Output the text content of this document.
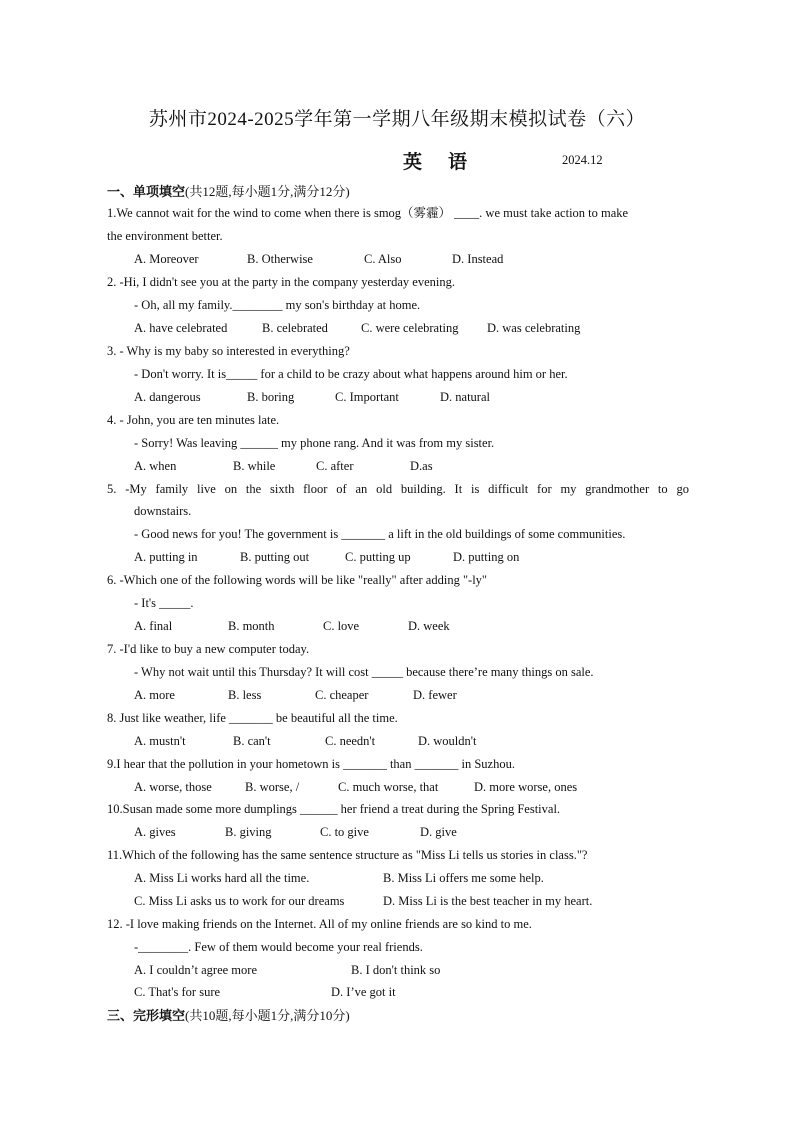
苏州市2024-2025学年第一学期八年级期末模拟试卷（六）
英语	2024.12
一、单项填空(共12题,每小题1分,满分12分)
1.We cannot wait for the wind to come when there is smog（雾霾） ____. we must take action to make
the environment better.
A. Moreover	B. Otherwise	C. Also	D. Instead
2. -Hi, I didn't see you at the party in the company yesterday evening.
- Oh, all my family.________ my son's birthday at home.
A. have celebrated	B. celebrated	C. were celebrating D. was celebrating
3. - Why is my baby so interested in everything?
- Don't worry. It is_____ for a child to be crazy about what happens around him or her.
A. dangerous	B. boring	C. Important	D. natural
4. - John, you are ten minutes late.
- Sorry! Was leaving ______ my phone rang. And it was from my sister.
A. when	B. while	C. after	D.as
5. -My family live on the sixth floor of an old building. It is difficult for my grandmother to go
downstairs.
- Good news for you! The government is _______ a lift in the old buildings of some communities.
A. putting in	B. putting out	C. putting up	D. putting on
6. -Which one of the following words will be like "really" after adding "-ly"
- It's _____.
A. final	B. month	C. love	D. week
7. -I'd like to buy a new computer today.
- Why not wait until this Thursday? It will cost _____ because there’re many things on sale.
A. more	B. less	C. cheaper	D. fewer
8. Just like weather, life _______ be beautiful all the time.
A. mustn't	B. can't	C. needn't	D. wouldn't
9.I hear that the pollution in your hometown is _______ than _______ in Suzhou.
A. worse, those	B. worse, /	C. much worse, that	D. more worse, ones
10.Susan made some more dumplings ______ her friend a treat during the Spring Festival.
A. gives	B. giving	C. to give	D. give
11.Which of the following has the same sentence structure as "Miss Li tells us stories in class."?
A. Miss Li works hard all the time.	B. Miss Li offers me some help.
C. Miss Li asks us to work for our dreams	D. Miss Li is the best teacher in my heart.
12. -I love making friends on the Internet. All of my online friends are so kind to me.
-________. Few of them would become your real friends.
A. I couldn’t agree more	B. I don't think so
C. That's for sure	D. I’ve got it
三、完形填空(共10题,每小题1分,满分10分)
